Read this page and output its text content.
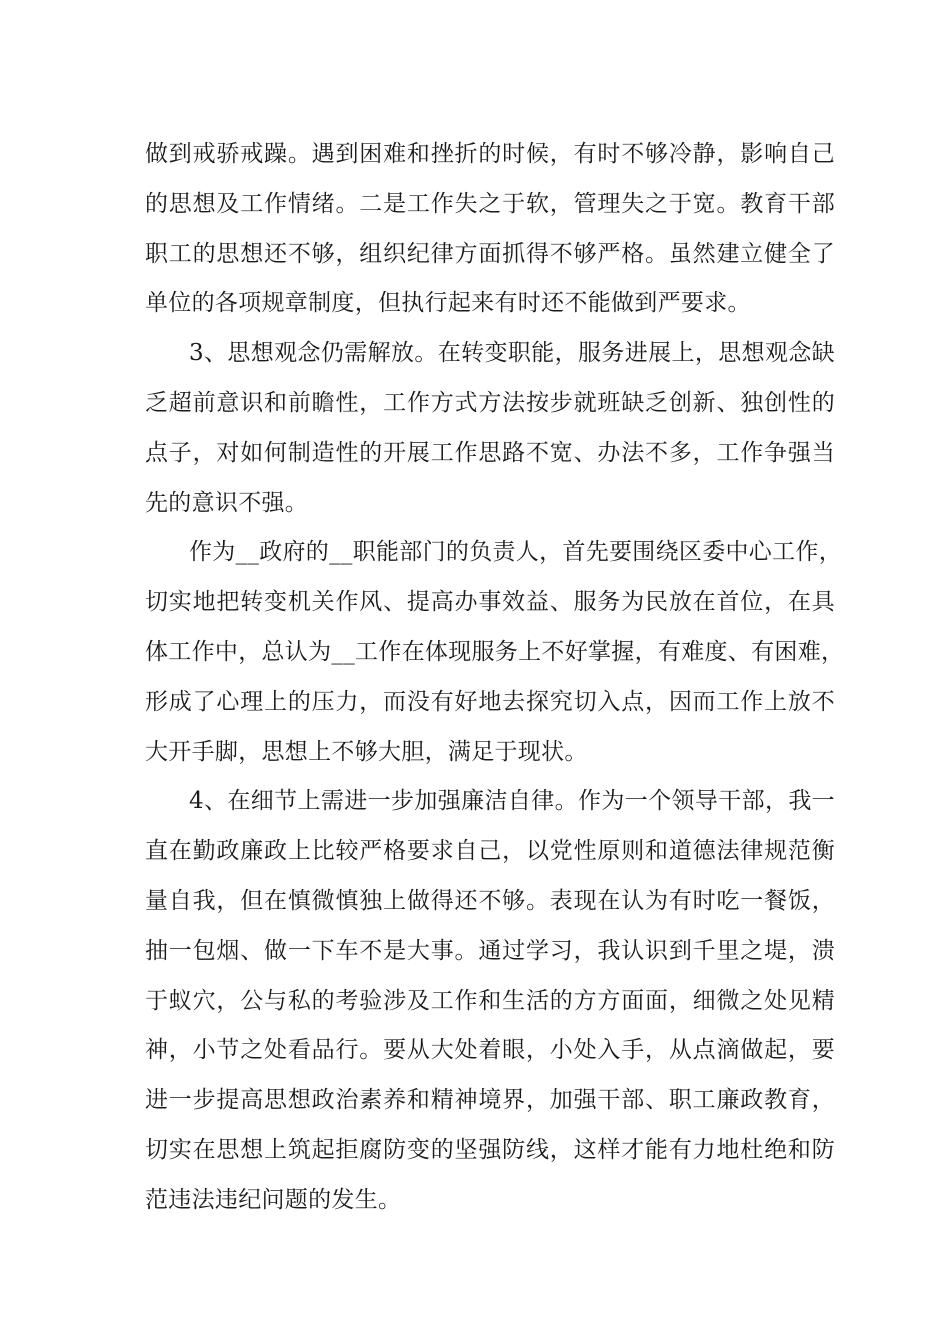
做到戒骄戒躁。遇到困难和挫折的时候，有时不够冷静，影响自己
的思想及工作情绪。二是工作失之于软，管理失之于宽。教育干部
职工的思想还不够，组织纪律方面抓得不够严格。虽然建立健全了
单位的各项规章制度，但执行起来有时还不能做到严要求。
3、思想观念仍需解放。在转变职能，服务进展上，思想观念缺
乏超前意识和前瞻性，工作方式方法按步就班缺乏创新、独创性的
点子，对如何制造性的开展工作思路不宽、办法不多，工作争强当
先的意识不强。
作为__政府的__职能部门的负责人，首先要围绕区委中心工作，
切实地把转变机关作风、提高办事效益、服务为民放在首位，在具
体工作中，总认为__工作在体现服务上不好掌握，有难度、有困难，
形成了心理上的压力，而没有好地去探究切入点，因而工作上放不
大开手脚，思想上不够大胆，满足于现状。
4、在细节上需进一步加强廉洁自律。作为一个领导干部，我一
直在勤政廉政上比较严格要求自己，以党性原则和道德法律规范衡
量自我，但在慎微慎独上做得还不够。表现在认为有时吃一餐饭，
抽一包烟、做一下车不是大事。通过学习，我认识到千里之堤，溃
于蚁穴，公与私的考验涉及工作和生活的方方面面，细微之处见精
神，小节之处看品行。要从大处着眼，小处入手，从点滴做起，要
进一步提高思想政治素养和精神境界，加强干部、职工廉政教育，
切实在思想上筑起拒腐防变的坚强防线，这样才能有力地杜绝和防
范违法违纪问题的发生。
